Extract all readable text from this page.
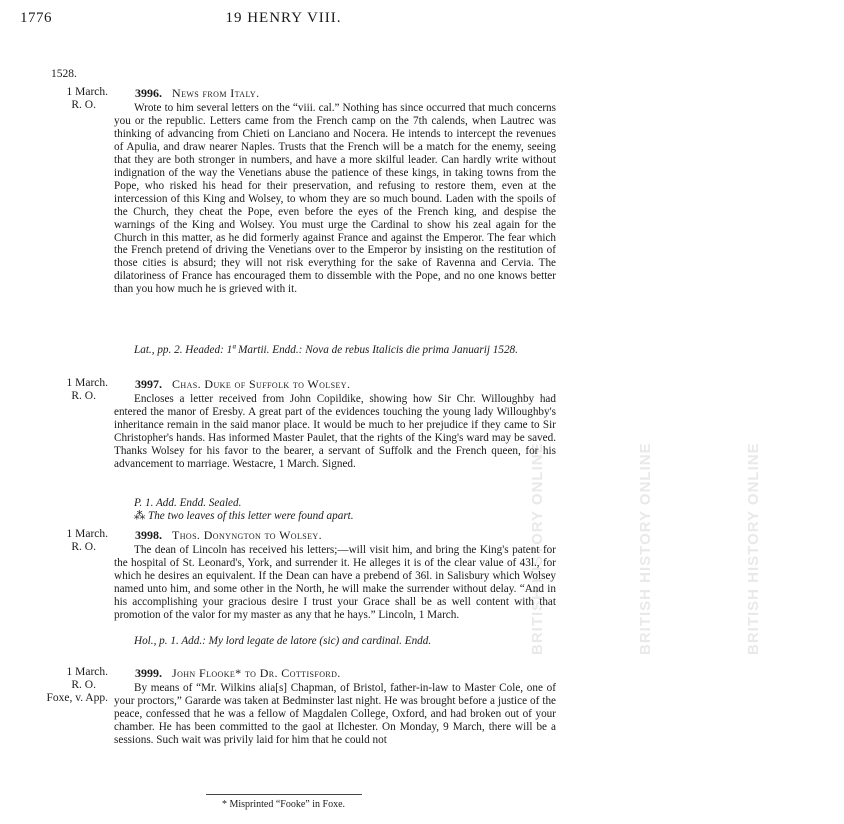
BRITISH HISTORY ONLINE

	BRITISH HISTORY ONLINE

	BRITISH HISTORY ONLINE

1776	19 HENRY VIII.
1528.
1 March.
R. O.
3996. News from Italy.
Wrote to him several letters on the “viii. cal.” Nothing has since occurred that much concerns you or the republic. Letters came from the French camp on the 7th calends, when Lautrec was thinking of advancing from Chieti on Lanciano and Nocera. He intends to intercept the revenues of Apulia, and draw nearer Naples. Trusts that the French will be a match for the enemy, seeing that they are both stronger in numbers, and have a more skilful leader. Can hardly write without indignation of the way the Venetians abuse the patience of these kings, in taking towns from the Pope, who risked his head for their preservation, and refusing to restore them, even at the intercession of this King and Wolsey, to whom they are so much bound. Laden with the spoils of the Church, they cheat the Pope, even before the eyes of the French king, and despise the warnings of the King and Wolsey. You must urge the Cardinal to show his zeal again for the Church in this matter, as he did formerly against France and against the Emperor. The fear which the French pretend of driving the Venetians over to the Emperor by insisting on the restitution of those cities is absurd; they will not risk everything for the sake of Ravenna and Cervia. The dilatoriness of France has encouraged them to dissemble with the Pope, and no one knows better than you how much he is grieved with it.
Lat., pp. 2. Headed: 1ª Martii. Endd.: Nova de rebus Italicis die prima Januarij 1528.
1 March.
R. O.
3997. Chas. Duke of Suffolk to Wolsey.
Encloses a letter received from John Copildike, showing how Sir Chr. Willoughby had entered the manor of Eresby. A great part of the evidences touching the young lady Willoughby's inheritance remain in the said manor place. It would be much to her prejudice if they came to Sir Christopher's hands. Has informed Master Paulet, that the rights of the King's ward may be saved. Thanks Wolsey for his favor to the bearer, a servant of Suffolk and the French queen, for his advancement to marriage. Westacre, 1 March. Signed.
P. 1. Add. Endd. Sealed.
⁂ The two leaves of this letter were found apart.
1 March.
R. O.
3998. Thos. Donyngton to Wolsey.
The dean of Lincoln has received his letters;—will visit him, and bring the King's patent for the hospital of St. Leonard's, York, and surrender it. He alleges it is of the clear value of 43l., for which he desires an equivalent. If the Dean can have a prebend of 36l. in Salisbury which Wolsey named unto him, and some other in the North, he will make the surrender without delay. “And in his accomplishing your gracious desire I trust your Grace shall be as well content with that promotion of the valor for my master as any that he hays.” Lincoln, 1 March.
Hol., p. 1. Add.: My lord legate de latore (sic) and cardinal. Endd.
1 March.
R. O.
Foxe, v. App.
3999. John Flooke* to Dr. Cottisford.
By means of “Mr. Wilkins alia[s] Chapman, of Bristol, father-in-law to Master Cole, one of your proctors,” Gararde was taken at Bedminster last night. He was brought before a justice of the peace, confessed that he was a fellow of Magdalen College, Oxford, and had broken out of your chamber. He has been committed to the gaol at Ilchester. On Monday, 9 March, there will be a sessions. Such wait was privily laid for him that he could not
* Misprinted “Fooke” in Foxe.
